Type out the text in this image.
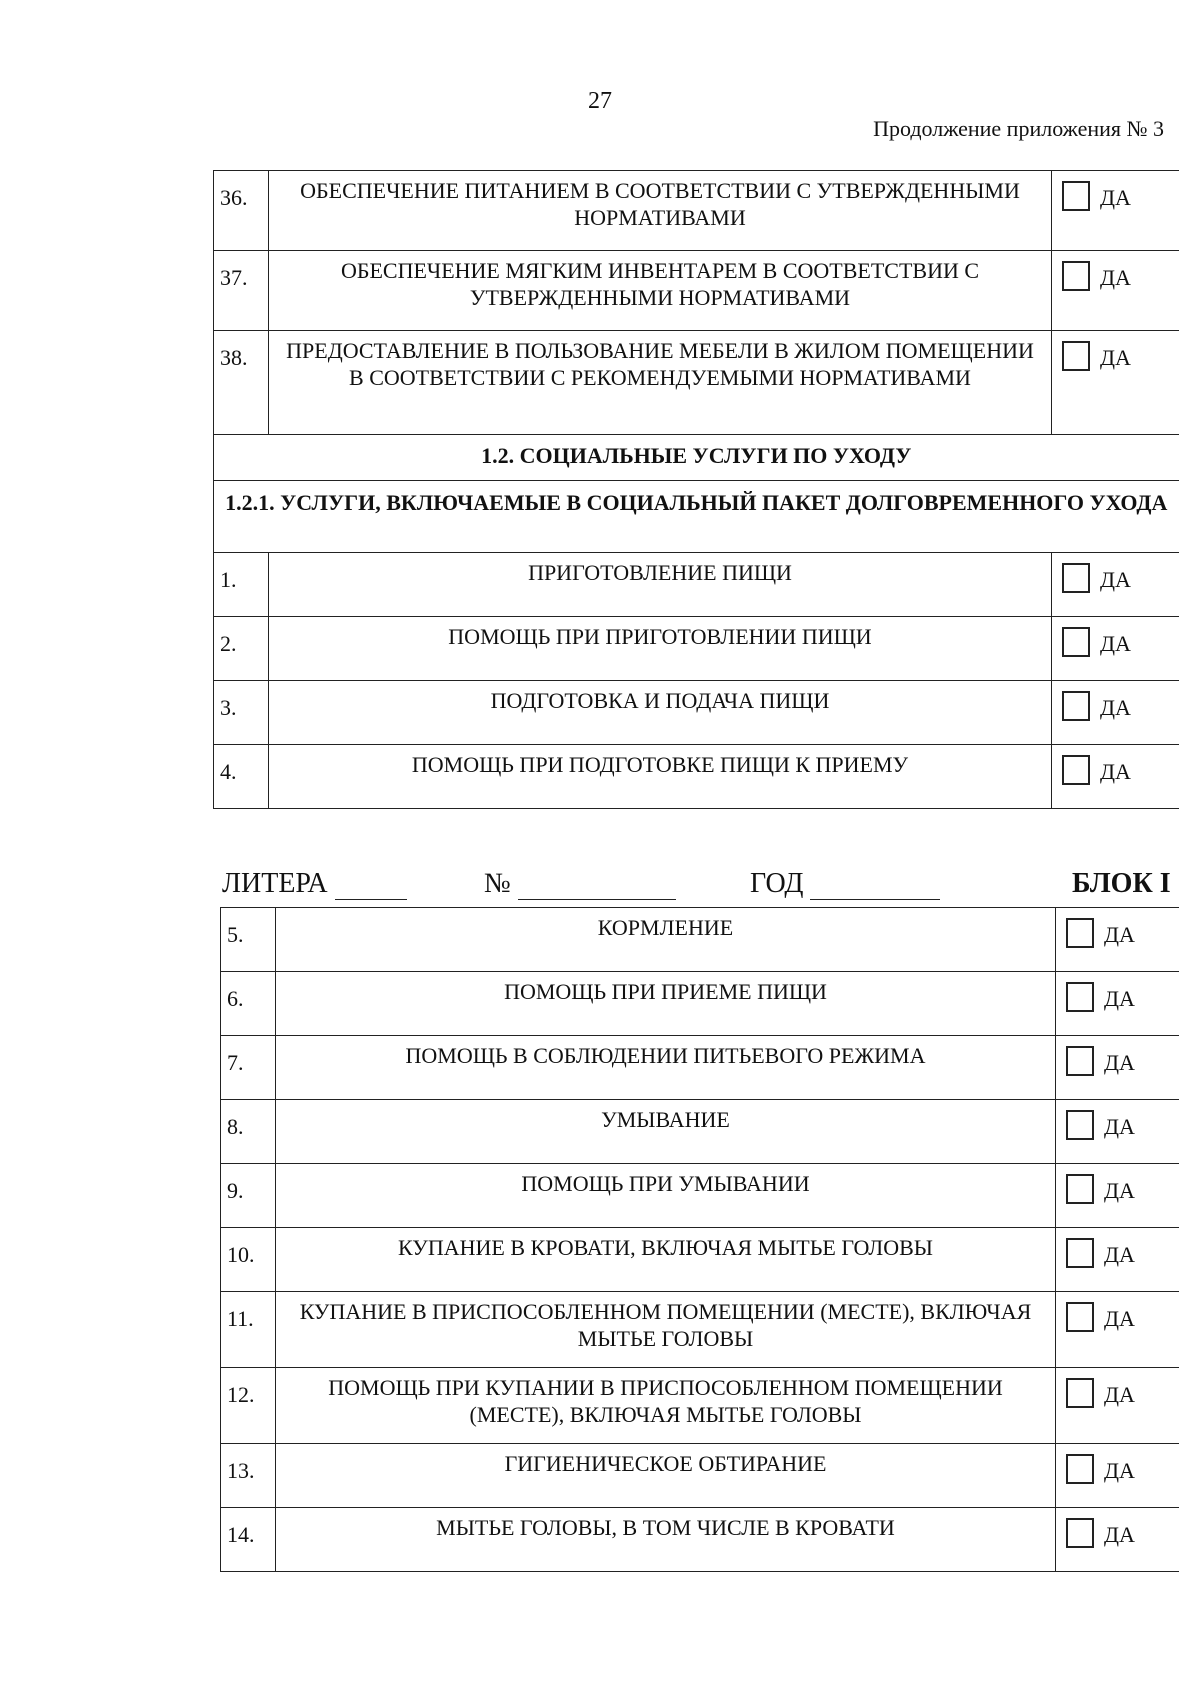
27
Продолжение приложения № 3
36.	ОБЕСПЕЧЕНИЕ ПИТАНИЕМ В СООТВЕТСТВИИ С УТВЕРЖДЕННЫМИ НОРМАТИВАМИ	ДА
37.	ОБЕСПЕЧЕНИЕ МЯГКИМ ИНВЕНТАРЕМ В СООТВЕТСТВИИ С УТВЕРЖДЕННЫМИ НОРМАТИВАМИ	ДА
38.	ПРЕДОСТАВЛЕНИЕ В ПОЛЬЗОВАНИЕ МЕБЕЛИ В ЖИЛОМ ПОМЕЩЕНИИ В СООТВЕТСТВИИ С РЕКОМЕНДУЕМЫМИ НОРМАТИВАМИ	ДА
1.2. СОЦИАЛЬНЫЕ УСЛУГИ ПО УХОДУ		
1.2.1. УСЛУГИ, ВКЛЮЧАЕМЫЕ В СОЦИАЛЬНЫЙ ПАКЕТ ДОЛГОВРЕМЕННОГО УХОДА		
1.	ПРИГОТОВЛЕНИЕ ПИЩИ	ДА
2.	ПОМОЩЬ ПРИ ПРИГОТОВЛЕНИИ ПИЩИ	ДА
3.	ПОДГОТОВКА И ПОДАЧА ПИЩИ	ДА
4.	ПОМОЩЬ ПРИ ПОДГОТОВКЕ ПИЩИ К ПРИЕМУ	ДА
ЛИТЕРА	№	ГОД	БЛОК I
5.	КОРМЛЕНИЕ	ДА
6.	ПОМОЩЬ ПРИ ПРИЕМЕ ПИЩИ	ДА
7.	ПОМОЩЬ В СОБЛЮДЕНИИ ПИТЬЕВОГО РЕЖИМА	ДА
8.	УМЫВАНИЕ	ДА
9.	ПОМОЩЬ ПРИ УМЫВАНИИ	ДА
10.	КУПАНИЕ В КРОВАТИ, ВКЛЮЧАЯ МЫТЬЕ ГОЛОВЫ	ДА
11.	КУПАНИЕ В ПРИСПОСОБЛЕННОМ ПОМЕЩЕНИИ (МЕСТЕ), ВКЛЮЧАЯ МЫТЬЕ ГОЛОВЫ	ДА
12.	ПОМОЩЬ ПРИ КУПАНИИ В ПРИСПОСОБЛЕННОМ ПОМЕЩЕНИИ (МЕСТЕ), ВКЛЮЧАЯ МЫТЬЕ ГОЛОВЫ	ДА
13.	ГИГИЕНИЧЕСКОЕ ОБТИРАНИЕ	ДА
14.	МЫТЬЕ ГОЛОВЫ, В ТОМ ЧИСЛЕ В КРОВАТИ	ДА
